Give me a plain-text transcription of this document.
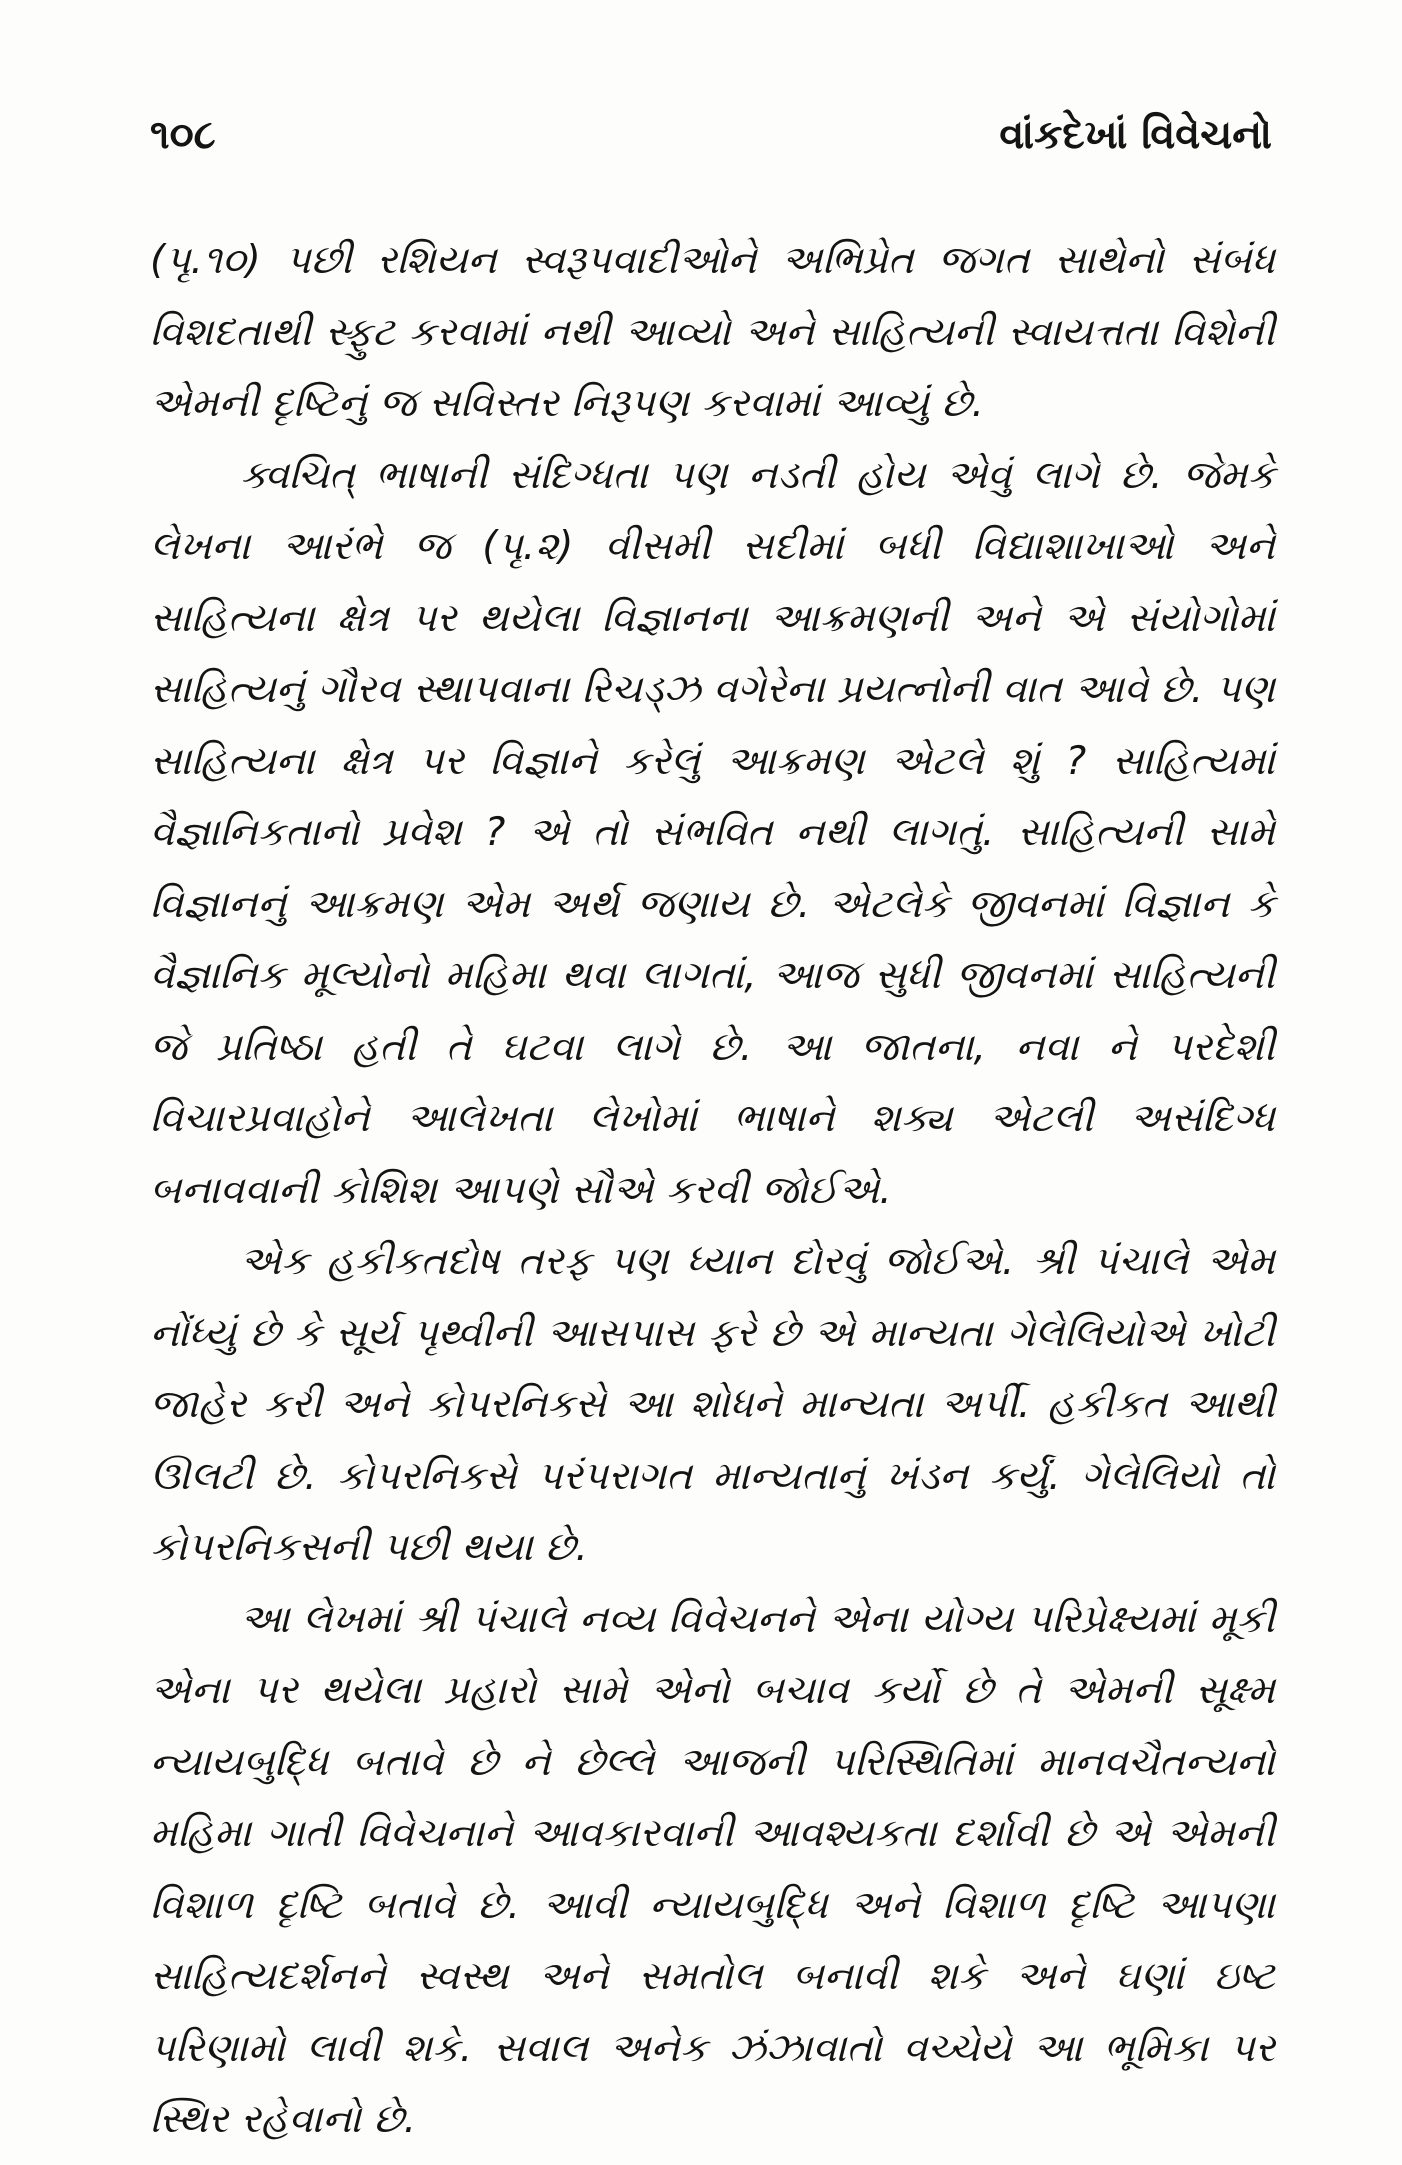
૧૦૮	વાંકદેખાં વિવેચનો

(પૃ.૧૦) પછી રશિયન સ્વરૂપવાદીઓને અભિપ્રેત જગત સાથેનો સંબંધ વિશદતાથી સ્ફુટ કરવામાં નથી આવ્યો અને સાહિત્યની સ્વાયત્તતા વિશેની એમની દૃષ્ટિનું જ સવિસ્તર નિરૂપણ કરવામાં આવ્યું છે.

ક્વચિત્ ભાષાની સંદિગ્ધતા પણ નડતી હોય એવું લાગે છે. જેમકે લેખના આરંભે જ (પૃ.૨) વીસમી સદીમાં બધી વિદ્યાશાખાઓ અને સાહિત્યના ક્ષેત્ર પર થયેલા વિજ્ઞાનના આક્રમણની અને એ સંયોગોમાં સાહિત્યનું ગૌરવ સ્થાપવાના રિચડ્ઝ વગેરેના પ્રયત્નોની વાત આવે છે. પણ સાહિત્યના ક્ષેત્ર પર વિજ્ઞાને કરેલું આક્રમણ એટલે શું ? સાહિત્યમાં વૈજ્ઞાનિકતાનો પ્રવેશ ? એ તો સંભવિત નથી લાગતું. સાહિત્યની સામે વિજ્ઞાનનું આક્રમણ એમ અર્થ જણાય છે. એટલેકે જીવનમાં વિજ્ઞાન કે વૈજ્ઞાનિક મૂલ્યોનો મહિમા થવા લાગતાં, આજ સુધી જીવનમાં સાહિત્યની જે પ્રતિષ્ઠા હતી તે ઘટવા લાગે છે. આ જાતના, નવા ને પરદેશી વિચારપ્રવાહોને આલેખતા લેખોમાં ભાષાને શક્ય એટલી અસંદિગ્ધ બનાવવાની કોશિશ આપણે સૌએ કરવી જોઈએ.

એક હકીકતદોષ તરફ પણ ધ્યાન દોરવું જોઈએ. શ્રી પંચાલે એમ નોંધ્યું છે કે સૂર્ય પૃથ્વીની આસપાસ ફરે છે એ માન્યતા ગેલેલિયોએ ખોટી જાહેર કરી અને કોપરનિકસે આ શોધને માન્યતા અર્પી. હકીકત આથી ઊલટી છે. કોપરનિકસે પરંપરાગત માન્યતાનું ખંડન કર્યું. ગેલેલિયો તો કોપરનિકસની પછી થયા છે.

આ લેખમાં શ્રી પંચાલે નવ્ય વિવેચનને એના યોગ્ય પરિપ્રેક્ષ્યમાં મૂકી એના પર થયેલા પ્રહારો સામે એનો બચાવ કર્યો છે તે એમની સૂક્ષ્મ ન્યાયબુદ્ધિ બતાવે છે ને છેલ્લે આજની પરિસ્થિતિમાં માનવચૈતન્યનો મહિમા ગાતી વિવેચનાને આવકારવાની આવશ્યકતા દર્શાવી છે એ એમની વિશાળ દૃષ્ટિ બતાવે છે. આવી ન્યાયબુદ્ધિ અને વિશાળ દૃષ્ટિ આપણા સાહિત્યદર્શનને સ્વસ્થ અને સમતોલ બનાવી શકે અને ઘણાં ઇષ્ટ પરિણામો લાવી શકે. સવાલ અનેક ઝંઝાવાતો વચ્ચેયે આ ભૂમિકા પર સ્થિર રહેવાનો છે.
